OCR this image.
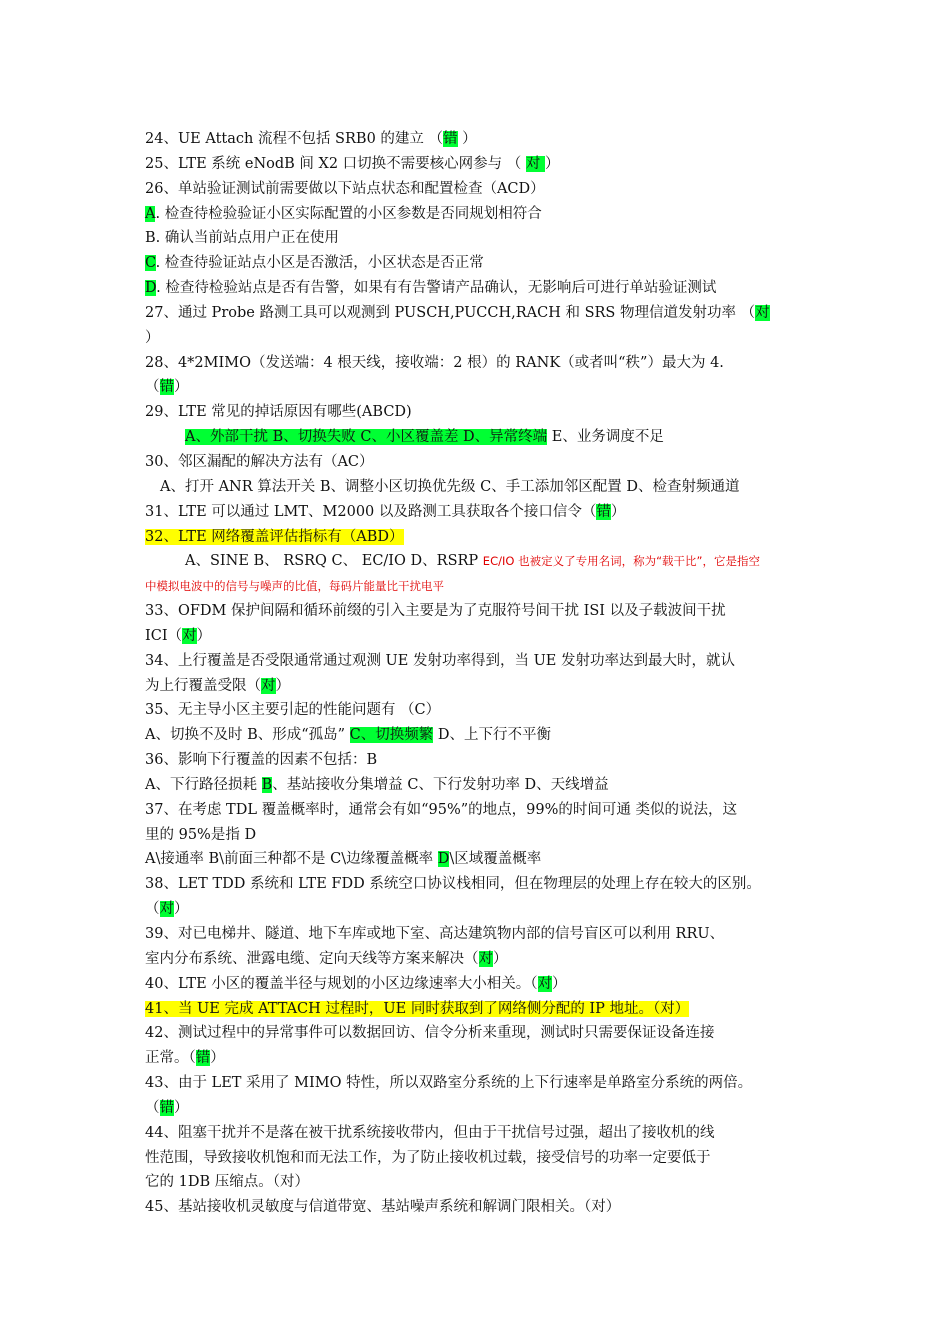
24、UE Attach 流程不包括 SRB0 的建立 （错 ）
25、LTE 系统 eNodB 间 X2 口切换不需要核心网参与 （ 对 ）
26、单站验证测试前需要做以下站点状态和配置检查（ACD）
A. 检查待检验验证小区实际配置的小区参数是否同规划相符合
B. 确认当前站点用户正在使用
C. 检查待验证站点小区是否激活，小区状态是否正常
D. 检查待检验站点是否有告警，如果有有告警请产品确认，无影响后可进行单站验证测试
27、通过 Probe 路测工具可以观测到 PUSCH,PUCCH,RACH 和 SRS 物理信道发射功率 （对
）
28、4*2MIMO（发送端：4 根天线，接收端：2 根）的 RANK（或者叫“秩”）最大为 4.
（错）
29、LTE 常见的掉话原因有哪些(ABCD)
A、外部干扰 B、切换失败 C、小区覆盖差 D、异常终端 E、业务调度不足
30、邻区漏配的解决方法有（AC）
A、打开 ANR 算法开关 B、调整小区切换优先级 C、手工添加邻区配置 D、检查射频通道
31、LTE 可以通过 LMT、M2000 以及路测工具获取各个接口信令（错）
32、LTE 网络覆盖评估指标有（ABD）
A、SINE B、 RSRQ C、 EC/IO D、RSRP EC/IO 也被定义了专用名词，称为“载干比”，它是指空
中模拟电波中的信号与噪声的比值，每码片能量比干扰电平
33、OFDM 保护间隔和循环前缀的引入主要是为了克服符号间干扰 ISI 以及子载波间干扰
ICI（对）
34、上行覆盖是否受限通常通过观测 UE 发射功率得到，当 UE 发射功率达到最大时，就认
为上行覆盖受限（对）
35、无主导小区主要引起的性能问题有 （C）
A、切换不及时 B、形成“孤岛” C、切换频繁 D、上下行不平衡
36、影响下行覆盖的因素不包括：B
A、下行路径损耗 B、基站接收分集增益 C、下行发射功率 D、天线增益
37、在考虑 TDL 覆盖概率时，通常会有如“95%”的地点，99%的时间可通 类似的说法，这
里的 95%是指 D
A\接通率 B\前面三种都不是 C\边缘覆盖概率 D\区域覆盖概率
38、LET TDD 系统和 LTE FDD 系统空口协议栈相同，但在物理层的处理上存在较大的区别。
（对）
39、对已电梯井、隧道、地下车库或地下室、高达建筑物内部的信号盲区可以利用 RRU、
室内分布系统、泄露电缆、定向天线等方案来解决（对）
40、LTE 小区的覆盖半径与规划的小区边缘速率大小相关。（对）
41、当 UE 完成 ATTACH 过程时，UE 同时获取到了网络侧分配的 IP 地址。（对）
42、测试过程中的异常事件可以数据回访、信令分析来重现，测试时只需要保证设备连接
正常。（错）
43、由于 LET 采用了 MIMO 特性，所以双路室分系统的上下行速率是单路室分系统的两倍。
（错）
44、阻塞干扰并不是落在被干扰系统接收带内，但由于干扰信号过强，超出了接收机的线
性范围，导致接收机饱和而无法工作，为了防止接收机过载，接受信号的功率一定要低于
它的 1DB 压缩点。（对）
45、基站接收机灵敏度与信道带宽、基站噪声系统和解调门限相关。（对）
